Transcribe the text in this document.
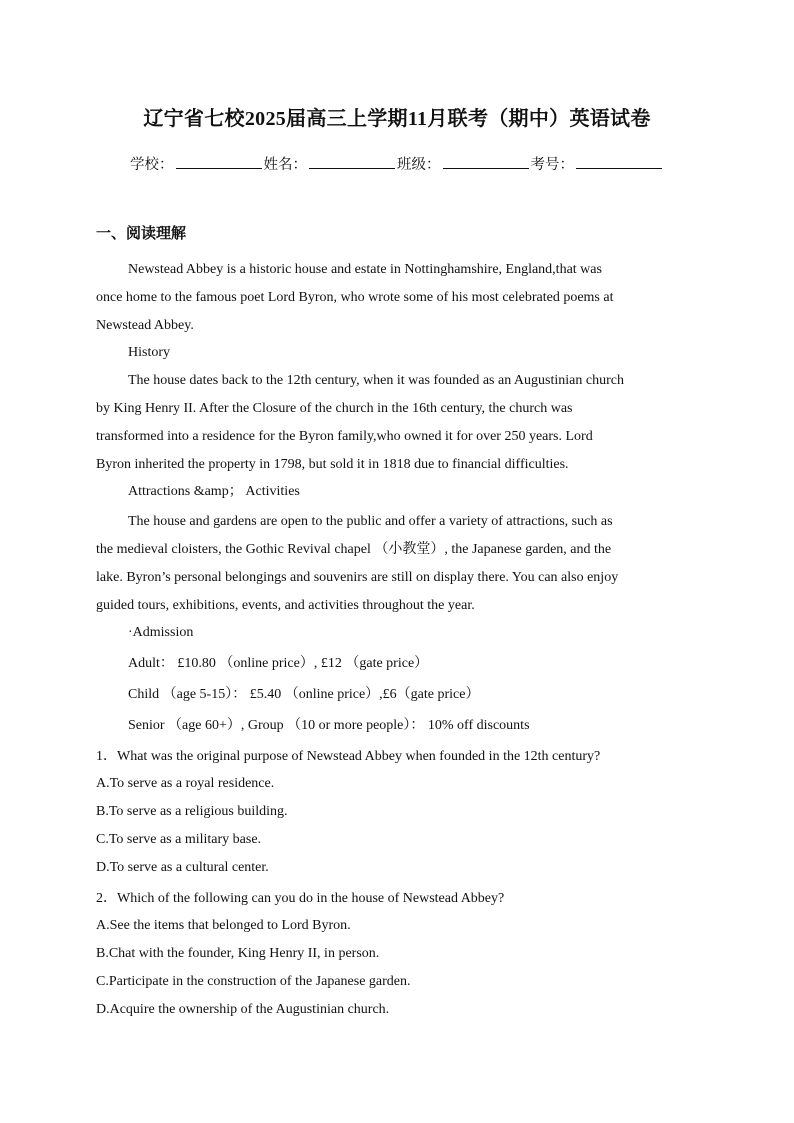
辽宁省七校2025届高三上学期11月联考（期中）英语试卷
学校：	姓名：	班级：	考号：
一、阅读理解

Newstead Abbey is a historic house and estate in Nottinghamshire, England,that was
once home to the famous poet Lord Byron, who wrote some of his most celebrated poems at
Newstead Abbey.

History

The house dates back to the 12th century, when it was founded as an Augustinian church
by King Henry II. After the Closure of the church in the 16th century, the church was
transformed into a residence for the Byron family,who owned it for over 250 years. Lord
Byron inherited the property in 1798, but sold it in 1818 due to financial difficulties.

Attractions &amp； Activities

The house and gardens are open to the public and offer a variety of attractions, such as
the medieval cloisters, the Gothic Revival chapel （小教堂）, the Japanese garden, and the
lake. Byron’s personal belongings and souvenirs are still on display there. You can also enjoy
guided tours, exhibitions, events, and activities throughout the year.

·Admission

Adult： £10.80 （online price）, £12 （gate price）
Child （age 5-15）： £5.40 （online price）,£6（gate price）
Senior （age 60+）, Group （10 or more people）： 10% off discounts

1．What was the original purpose of Newstead Abbey when founded in the 12th century?
A.To serve as a royal residence.
B.To serve as a religious building.
C.To serve as a military base.
D.To serve as a cultural center.
2．Which of the following can you do in the house of Newstead Abbey?
A.See the items that belonged to Lord Byron.
B.Chat with the founder, King Henry II, in person.
C.Participate in the construction of the Japanese garden.
D.Acquire the ownership of the Augustinian church.
